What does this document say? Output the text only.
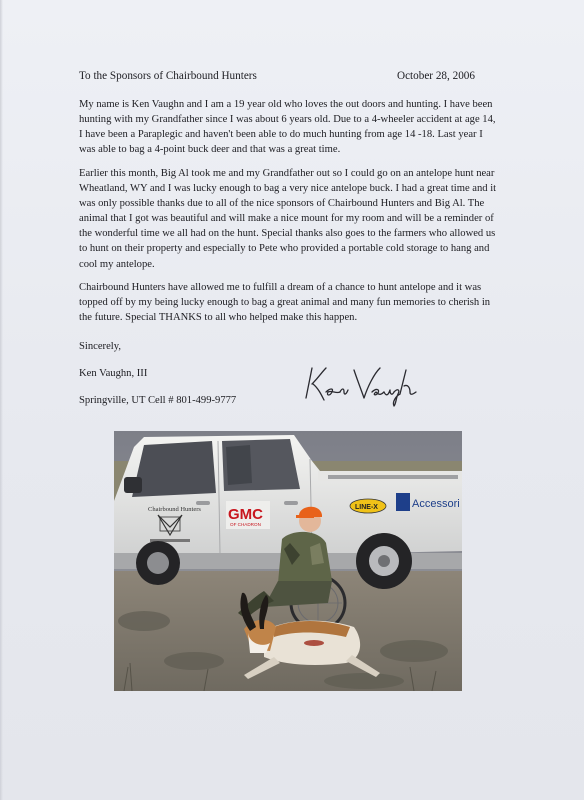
To the Sponsors of Chairbound Hunters	October 28, 2006

My name is Ken Vaughn and I am a 19 year old who loves the out doors and hunting. I have been hunting with my Grandfather since I was about 6 years old. Due to a 4-wheeler accident at age 14, I have been a Paraplegic and haven't been able to do much hunting from age 14 -18. Last year I was able to bag a 4-point buck deer and that was a great time.

Earlier this month, Big Al took me and my Grandfather out so I could go on an antelope hunt near Wheatland, WY and I was lucky enough to bag a very nice antelope buck. I had a great time and it was only possible thanks due to all of the nice sponsors of Chairbound Hunters and Big Al. The animal that I got was beautiful and will make a nice mount for my room and will be a reminder of the wonderful time we all had on the hunt. Special thanks also goes to the farmers who allowed us to hunt on their property and especially to Pete who provided a portable cold storage to hang and cool my antelope.

Chairbound Hunters have allowed me to fulfill a dream of a chance to hunt antelope and it was topped off by my being lucky enough to bag a great animal and many fun memories to cherish in the future. Special THANKS to all who helped make this happen.

Sincerely,
Ken Vaughn, III
Springville, UT Cell # 801-499-9777
Chairbound Hunters GMC
OF CHADRON
LINE-X	Accessori
